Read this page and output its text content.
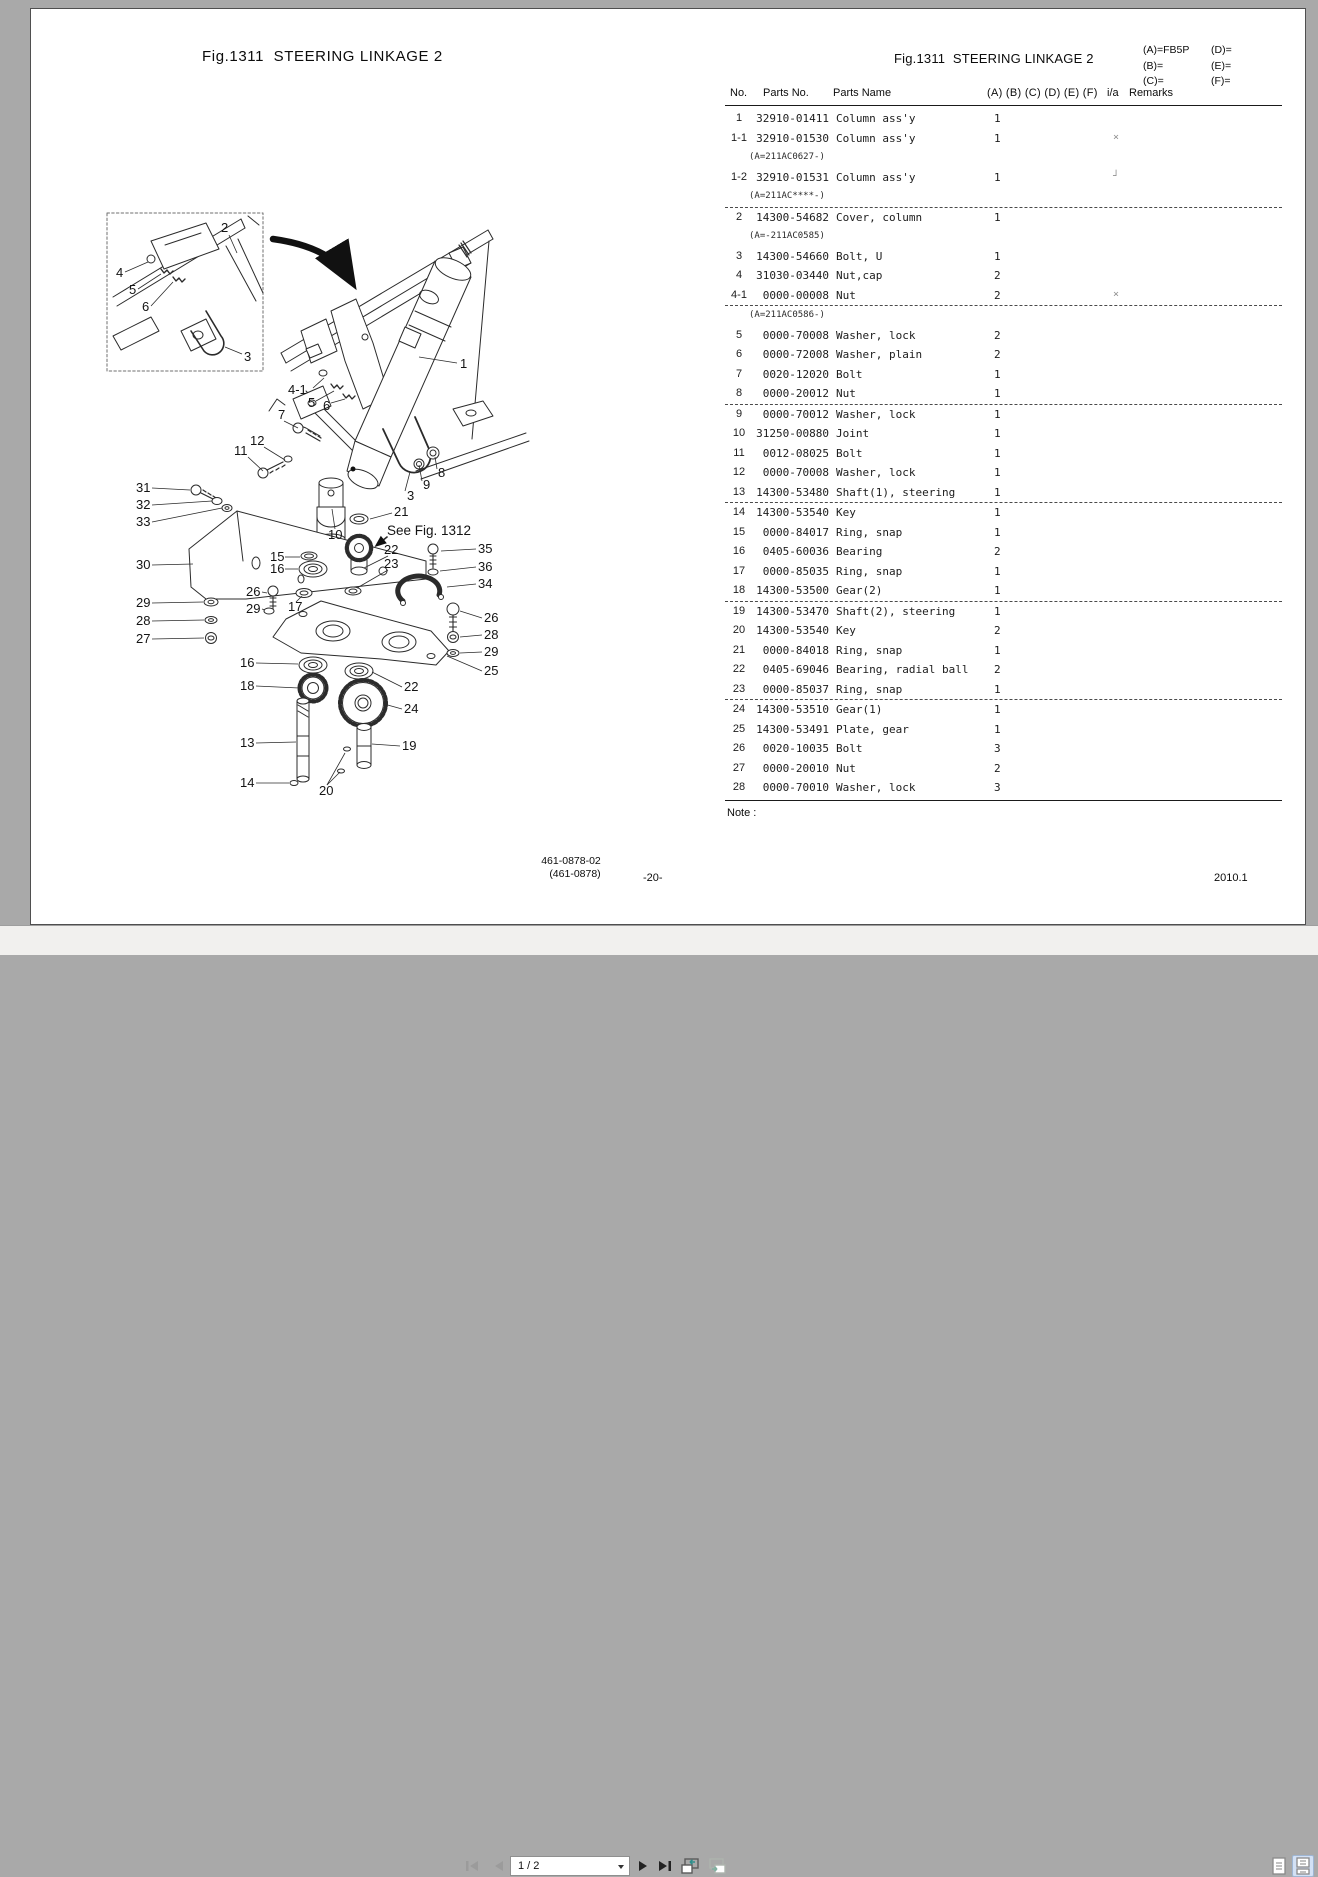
Fig.1311  STEERING LINKAGE 2	Fig.1311  STEERING LINKAGE 2
(A)=FB5P
(B)=
(C)=
(D)=
(E)=
(F)=
No. Parts No. Parts Name	(A) (B) (C) (D) (E) (F) i/a Remarks
1	32910-01411 Column ass'y	1
1-1 32910-01530 Column ass'y	1	×
(A=211AC0627-)
1-2 32910-01531 Column ass'y	1	┘
(A=211AC****-)
2	14300-54682 Cover, column	1
(A=-211AC0585)
3	14300-54660 Bolt, U	1
4	31030-03440 Nut,cap	2
4-1	0000-00008 Nut	2	×
(A=211AC0586-)
5	0000-70008 Washer, lock	2
6	0000-72008 Washer, plain	2
7	0020-12020 Bolt	1
8	0000-20012 Nut	1
9	0000-70012 Washer, lock	1
10	31250-00880 Joint	1
11	0012-08025 Bolt	1
12	0000-70008 Washer, lock	1
13	14300-53480 Shaft(1), steering	1
14	14300-53540 Key	1
15	0000-84017 Ring, snap	1
16	0405-60036 Bearing	2
17	0000-85035 Ring, snap	1
18	14300-53500 Gear(2)	1
19	14300-53470 Shaft(2), steering	1
20	14300-53540 Key	2
21	0000-84018 Ring, snap	1
22	0405-69046 Bearing, radial ball 2
23	0000-85037 Ring, snap	1
24	14300-53510 Gear(1)	1
25	14300-53491 Plate, gear	1
26	0020-10035 Bolt	3
27	0000-20010 Nut	2
28	0000-70010 Washer, lock	3
Note :
461-0878-02
(461-0878)	-20-	2010.1
2
4
5
6
3	1
4-1
5 6
7
12
11
8
9
3
21
10
22
23
35
36
34
31
32
33
30
15
16
26
29 17
29
28
27
16
18
13
14
20
22
24
19
25
26
28
29
See Fig. 1312
1 / 2
